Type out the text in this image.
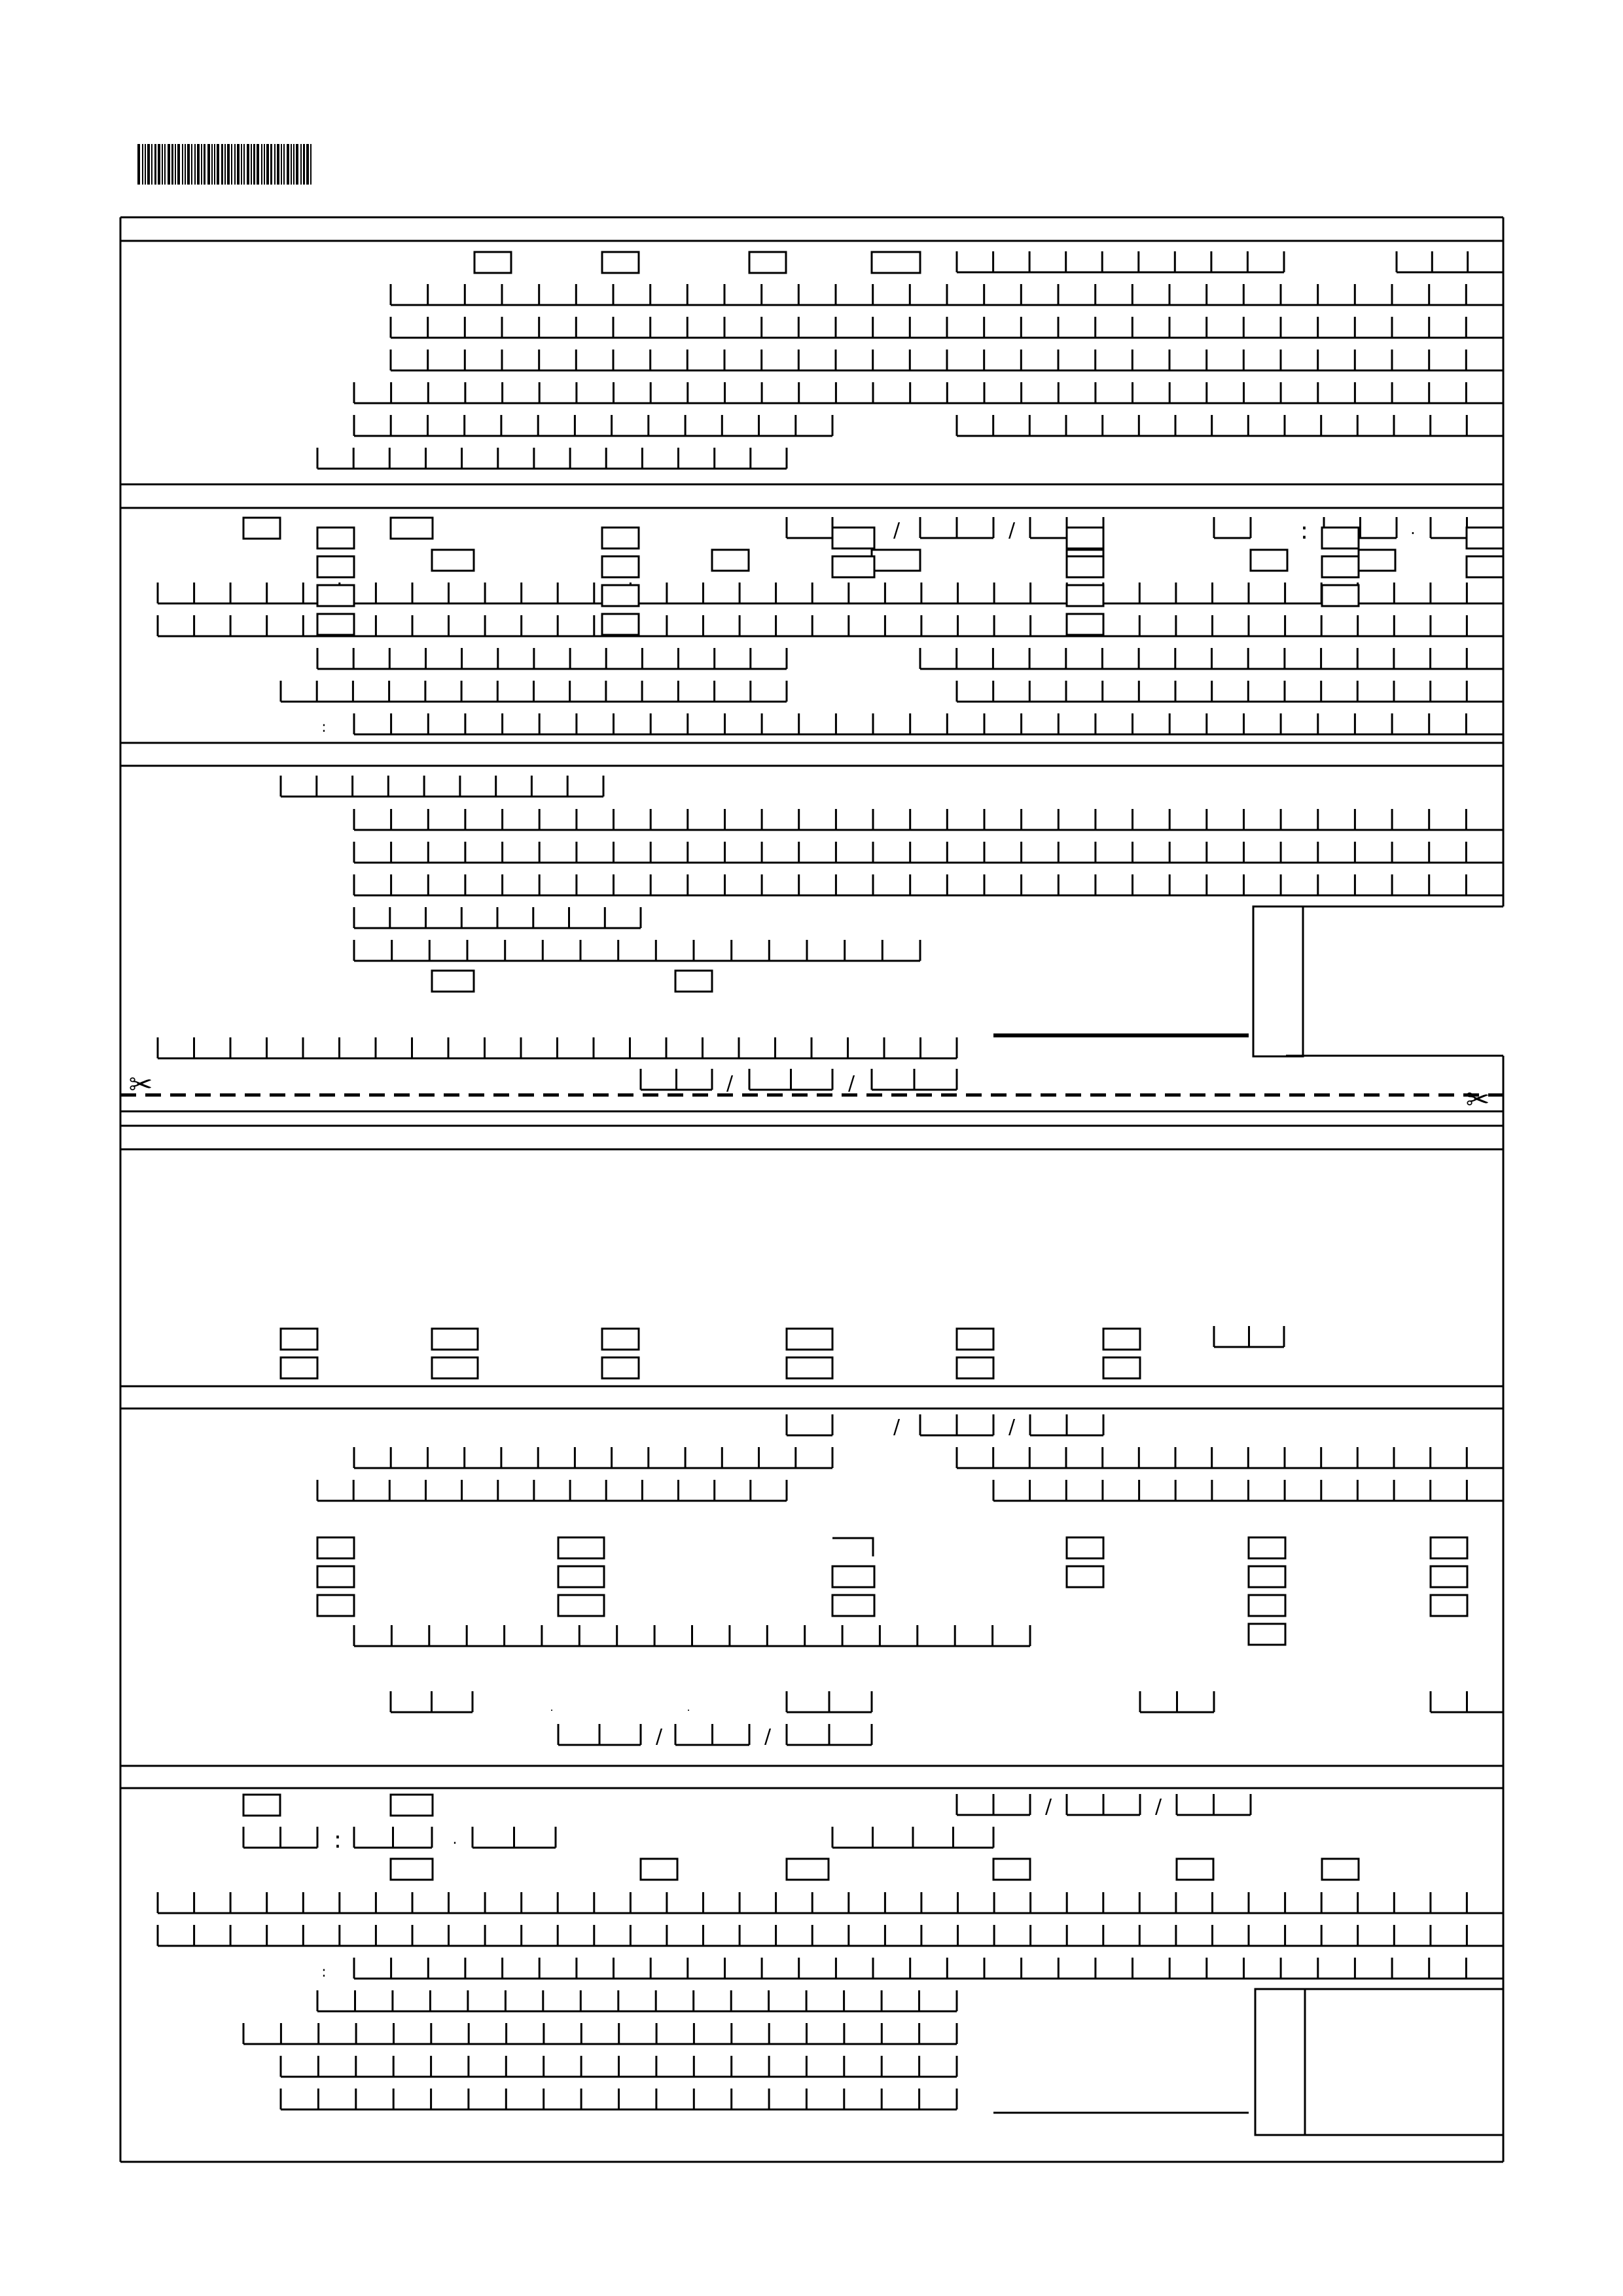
✂	✂
/	/	:	.
:
/	/
/	/
.	.
/	/
/	/
:	.
:
